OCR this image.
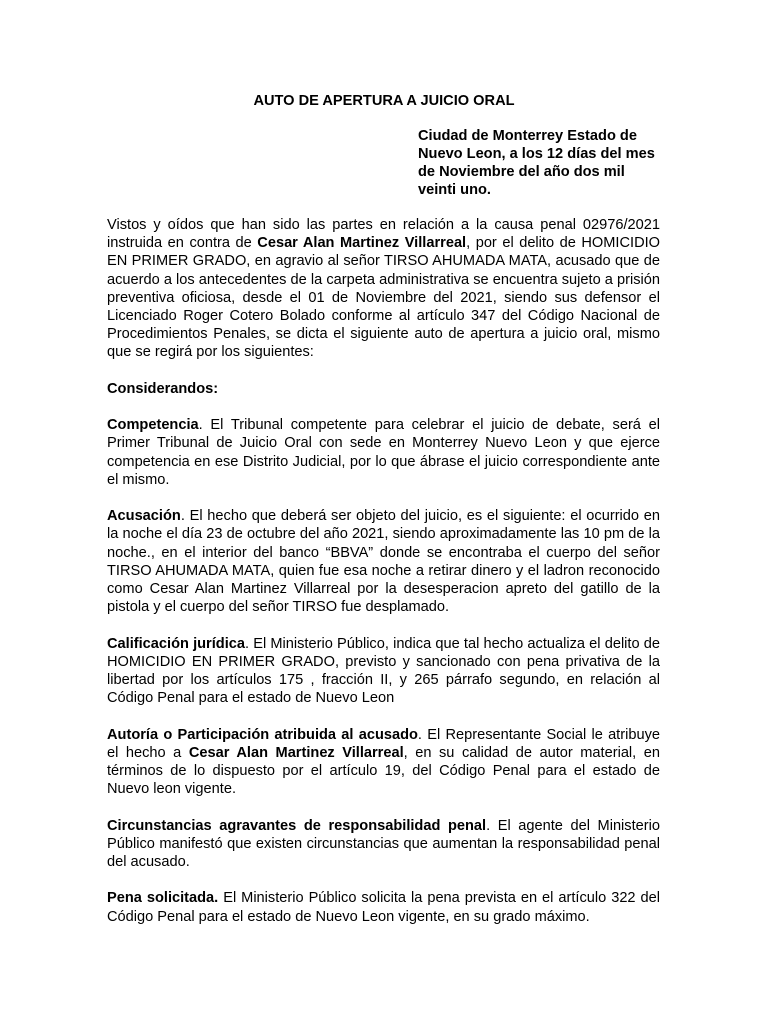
AUTO DE APERTURA A JUICIO ORAL
Ciudad de Monterrey Estado de Nuevo Leon, a los 12 días del mes de Noviembre del año dos mil veinti uno.

Vistos y oídos que han sido las partes en relación a la causa penal 02976/2021 instruida en contra de Cesar Alan Martinez Villarreal, por el delito de HOMICIDIO EN PRIMER GRADO, en agravio al señor TIRSO AHUMADA MATA, acusado que de acuerdo a los antecedentes de la carpeta administrativa se encuentra sujeto a prisión preventiva oficiosa, desde el 01 de Noviembre del 2021, siendo sus defensor el Licenciado Roger Cotero Bolado conforme al artículo 347 del Código Nacional de Procedimientos Penales, se dicta el siguiente auto de apertura a juicio oral, mismo que se regirá por los siguientes:

Considerandos:

Competencia. El Tribunal competente para celebrar el juicio de debate, será el Primer Tribunal de Juicio Oral con sede en Monterrey Nuevo Leon y que ejerce competencia en ese Distrito Judicial, por lo que ábrase el juicio correspondiente ante el mismo.

Acusación. El hecho que deberá ser objeto del juicio, es el siguiente: el ocurrido en la noche el día 23 de octubre del año 2021, siendo aproximadamente las 10 pm de la noche., en el interior del banco “BBVA” donde se encontraba el cuerpo del señor TIRSO AHUMADA MATA, quien fue esa noche a retirar dinero y el ladron reconocido como Cesar Alan Martinez Villarreal por la desesperacion apreto del gatillo de la pistola y el cuerpo del señor TIRSO fue desplamado.

Calificación jurídica. El Ministerio Público, indica que tal hecho actualiza el delito de HOMICIDIO EN PRIMER GRADO, previsto y sancionado con pena privativa de la libertad por los artículos 175 , fracción II, y 265 párrafo segundo, en relación al Código Penal para el estado de Nuevo Leon

Autoría o Participación atribuida al acusado. El Representante Social le atribuye el hecho a Cesar Alan Martinez Villarreal, en su calidad de autor material, en términos de lo dispuesto por el artículo 19, del Código Penal para el estado de Nuevo leon vigente.

Circunstancias agravantes de responsabilidad penal. El agente del Ministerio Público manifestó que existen circunstancias que aumentan la responsabilidad penal del acusado.

Pena solicitada. El Ministerio Público solicita la pena prevista en el artículo 322 del Código Penal para el estado de Nuevo Leon vigente, en su grado máximo.
